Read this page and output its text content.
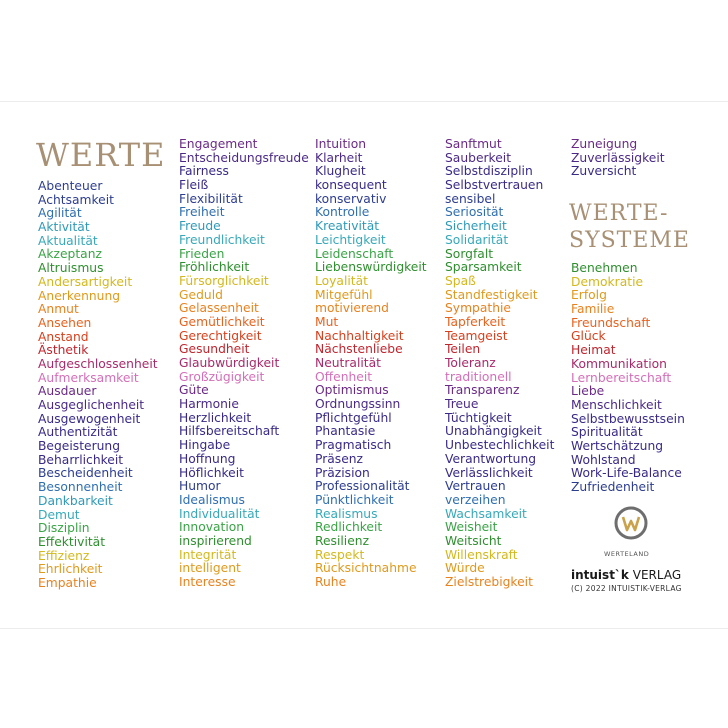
WERTE
Abenteuer
Achtsamkeit
Agilität
Aktivität
Aktualität
Akzeptanz
Altruismus
Andersartigkeit
Anerkennung
Anmut
Ansehen
Anstand
Ästhetik
Aufgeschlossenheit
Aufmerksamkeit
Ausdauer
Ausgeglichenheit
Ausgewogenheit
Authentizität
Begeisterung
Beharrlichkeit
Bescheidenheit
Besonnenheit
Dankbarkeit
Demut
Disziplin
Effektivität
Effizienz
Ehrlichkeit
Empathie
Engagement
Entscheidungsfreude
Fairness
Fleiß
Flexibilität
Freiheit
Freude
Freundlichkeit
Frieden
Fröhlichkeit
Fürsorglichkeit
Geduld
Gelassenheit
Gemütlichkeit
Gerechtigkeit
Gesundheit
Glaubwürdigkeit
Großzügigkeit
Güte
Harmonie
Herzlichkeit
Hilfsbereitschaft
Hingabe
Hoffnung
Höflichkeit
Humor
Idealismus
Individualität
Innovation
inspirierend
Integrität
intelligent
Interesse
Intuition
Klarheit
Klugheit
konsequent
konservativ
Kontrolle
Kreativität
Leichtigkeit
Leidenschaft
Liebenswürdigkeit
Loyalität
Mitgefühl
motivierend
Mut
Nachhaltigkeit
Nächstenliebe
Neutralität
Offenheit
Optimismus
Ordnungssinn
Pflichtgefühl
Phantasie
Pragmatisch
Präsenz
Präzision
Professionalität
Pünktlichkeit
Realismus
Redlichkeit
Resilienz
Respekt
Rücksichtnahme
Ruhe
Sanftmut
Sauberkeit
Selbstdisziplin
Selbstvertrauen
sensibel
Seriosität
Sicherheit
Solidarität
Sorgfalt
Sparsamkeit
Spaß
Standfestigkeit
Sympathie
Tapferkeit
Teamgeist
Teilen
Toleranz
traditionell
Transparenz
Treue
Tüchtigkeit
Unabhängigkeit
Unbestechlichkeit
Verantwortung
Verlässlichkeit
Vertrauen
verzeihen
Wachsamkeit
Weisheit
Weitsicht
Willenskraft
Würde
Zielstrebigkeit
Zuneigung
Zuverlässigkeit
Zuversicht
WERTE-
SYSTEME
Benehmen
Demokratie
Erfolg
Familie
Freundschaft
Glück
Heimat
Kommunikation
Lernbereitschaft
Liebe
Menschlichkeit
Selbstbewusstsein
Spiritualität
Wertschätzung
Wohlstand
Work-Life-Balance
Zufriedenheit
WERTELAND
intuist`k VERLAG
(C) 2022 INTUISTIK-VERLAG
